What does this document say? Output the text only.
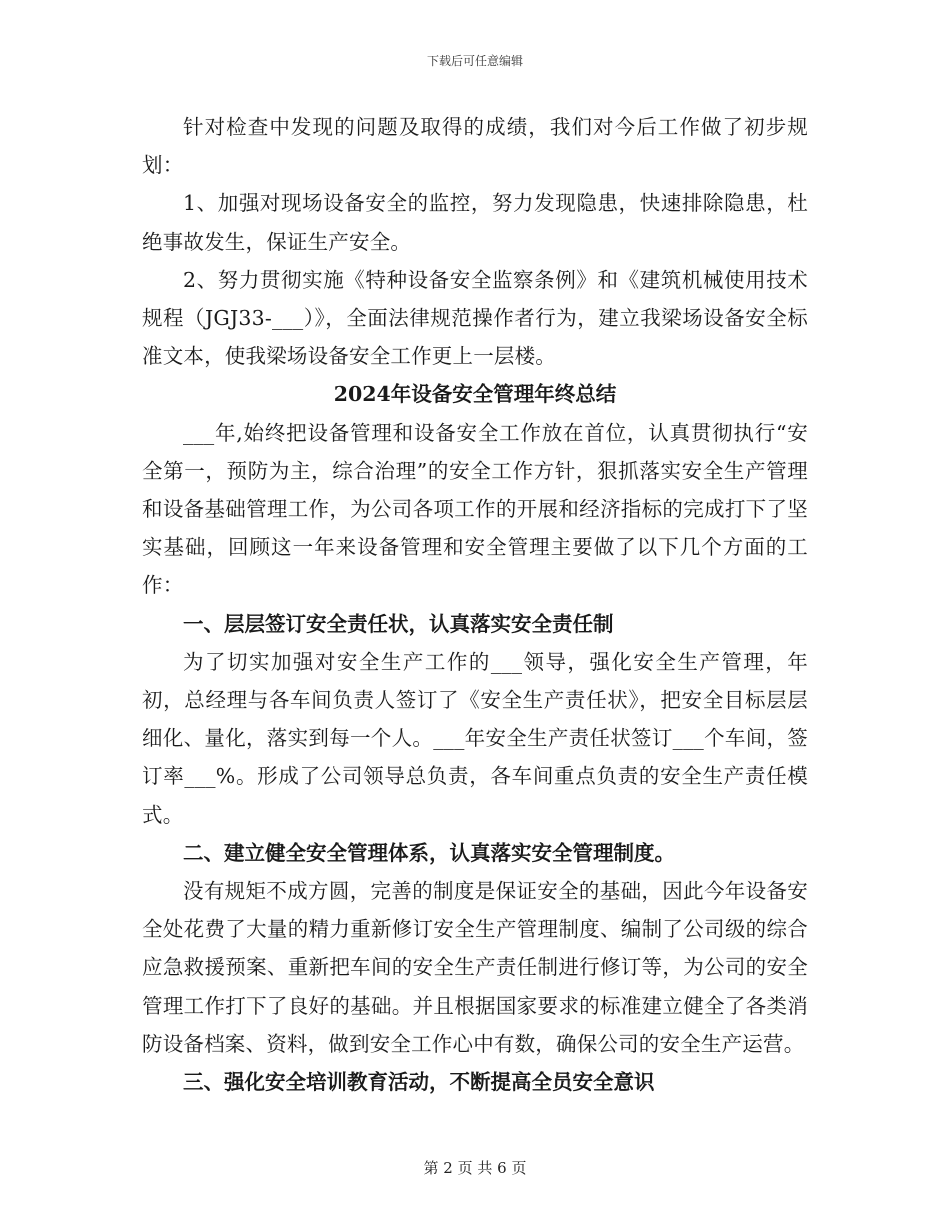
下载后可任意编辑

针对检查中发现的问题及取得的成绩，我们对今后工作做了初步规划：

1、加强对现场设备安全的监控，努力发现隐患，快速排除隐患，杜绝事故发生，保证生产安全。

2、努力贯彻实施《特种设备安全监察条例》和《建筑机械使用技术规程（JGJ33-___）》，全面法律规范操作者行为，建立我梁场设备安全标准文本，使我梁场设备安全工作更上一层楼。

2024年设备安全管理年终总结

___年,始终把设备管理和设备安全工作放在首位，认真贯彻执行“安全第一，预防为主，综合治理”的安全工作方针，狠抓落实安全生产管理和设备基础管理工作，为公司各项工作的开展和经济指标的完成打下了坚实基础，回顾这一年来设备管理和安全管理主要做了以下几个方面的工作：

一、层层签订安全责任状，认真落实安全责任制

为了切实加强对安全生产工作的___领导，强化安全生产管理，年初，总经理与各车间负责人签订了《安全生产责任状》，把安全目标层层细化、量化，落实到每一个人。___年安全生产责任状签订___个车间，签订率___%。形成了公司领导总负责，各车间重点负责的安全生产责任模式。

二、建立健全安全管理体系，认真落实安全管理制度。

没有规矩不成方圆，完善的制度是保证安全的基础，因此今年设备安全处花费了大量的精力重新修订安全生产管理制度、编制了公司级的综合应急救援预案、重新把车间的安全生产责任制进行修订等，为公司的安全管理工作打下了良好的基础。并且根据国家要求的标准建立健全了各类消防设备档案、资料，做到安全工作心中有数，确保公司的安全生产运营。

三、强化安全培训教育活动，不断提高全员安全意识
第 2 页 共 6 页
